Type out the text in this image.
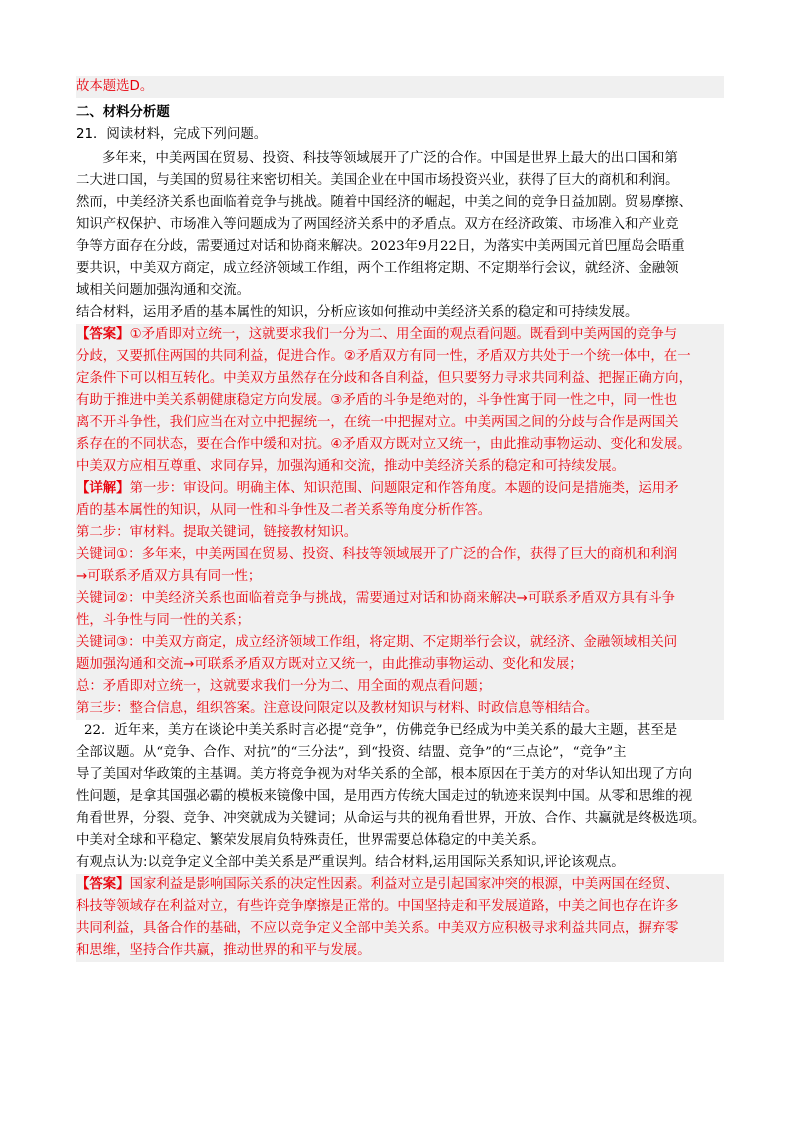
故本题选D。
二、材料分析题
21．阅读材料，完成下列问题。
多年来，中美两国在贸易、投资、科技等领域展开了广泛的合作。中国是世界上最大的出口国和第
二大进口国，与美国的贸易往来密切相关。美国企业在中国市场投资兴业，获得了巨大的商机和利润。
然而，中美经济关系也面临着竞争与挑战。随着中国经济的崛起，中美之间的竞争日益加剧。贸易摩擦、
知识产权保护、市场准入等问题成为了两国经济关系中的矛盾点。双方在经济政策、市场准入和产业竞
争等方面存在分歧，需要通过对话和协商来解决。2023年9月22日，为落实中美两国元首巴厘岛会晤重
要共识，中美双方商定，成立经济领域工作组，两个工作组将定期、不定期举行会议，就经济、金融领
域相关问题加强沟通和交流。
结合材料，运用矛盾的基本属性的知识，分析应该如何推动中美经济关系的稳定和可持续发展。
【答案】①矛盾即对立统一，这就要求我们一分为二、用全面的观点看问题。既看到中美两国的竞争与
分歧，又要抓住两国的共同利益，促进合作。②矛盾双方有同一性，矛盾双方共处于一个统一体中，在一
定条件下可以相互转化。中美双方虽然存在分歧和各自利益，但只要努力寻求共同利益、把握正确方向，
有助于推进中美关系朝健康稳定方向发展。③矛盾的斗争是绝对的，斗争性寓于同一性之中，同一性也
离不开斗争性，我们应当在对立中把握统一，在统一中把握对立。中美两国之间的分歧与合作是两国关
系存在的不同状态，要在合作中缓和对抗。④矛盾双方既对立又统一，由此推动事物运动、变化和发展。
中美双方应相互尊重、求同存异，加强沟通和交流，推动中美经济关系的稳定和可持续发展。
【详解】第一步：审设问。明确主体、知识范围、问题限定和作答角度。本题的设问是措施类，运用矛
盾的基本属性的知识，从同一性和斗争性及二者关系等角度分析作答。
第二步：审材料。提取关键词，链接教材知识。
关键词①：多年来，中美两国在贸易、投资、科技等领域展开了广泛的合作，获得了巨大的商机和利润
→可联系矛盾双方具有同一性；
关键词②：中美经济关系也面临着竞争与挑战，需要通过对话和协商来解决→可联系矛盾双方具有斗争
性，斗争性与同一性的关系；
关键词③：中美双方商定，成立经济领域工作组，将定期、不定期举行会议，就经济、金融领域相关问
题加强沟通和交流→可联系矛盾双方既对立又统一，由此推动事物运动、变化和发展；
总：矛盾即对立统一，这就要求我们一分为二、用全面的观点看问题；
第三步：整合信息，组织答案。注意设问限定以及教材知识与材料、时政信息等相结合。
22．近年来，美方在谈论中美关系时言必提“竞争”，仿佛竞争已经成为中美关系的最大主题，甚至是
全部议题。从“竞争、合作、对抗”的“三分法”，到“投资、结盟、竞争”的“三点论”，“竞争”主
导了美国对华政策的主基调。美方将竞争视为对华关系的全部，根本原因在于美方的对华认知出现了方向
性问题，是拿其国强必霸的模板来镜像中国，是用西方传统大国走过的轨迹来误判中国。从零和思维的视
角看世界，分裂、竞争、冲突就成为关键词；从命运与共的视角看世界，开放、合作、共赢就是终极选项。
中美对全球和平稳定、繁荣发展肩负特殊责任，世界需要总体稳定的中美关系。
有观点认为:以竞争定义全部中美关系是严重误判。结合材料,运用国际关系知识,评论该观点。
【答案】国家利益是影响国际关系的决定性因素。利益对立是引起国家冲突的根源，中美两国在经贸、
科技等领域存在利益对立，有些许竞争摩擦是正常的。中国坚持走和平发展道路，中美之间也存在许多
共同利益，具备合作的基础，不应以竞争定义全部中美关系。中美双方应积极寻求利益共同点，摒弃零
和思维，坚持合作共赢，推动世界的和平与发展。
